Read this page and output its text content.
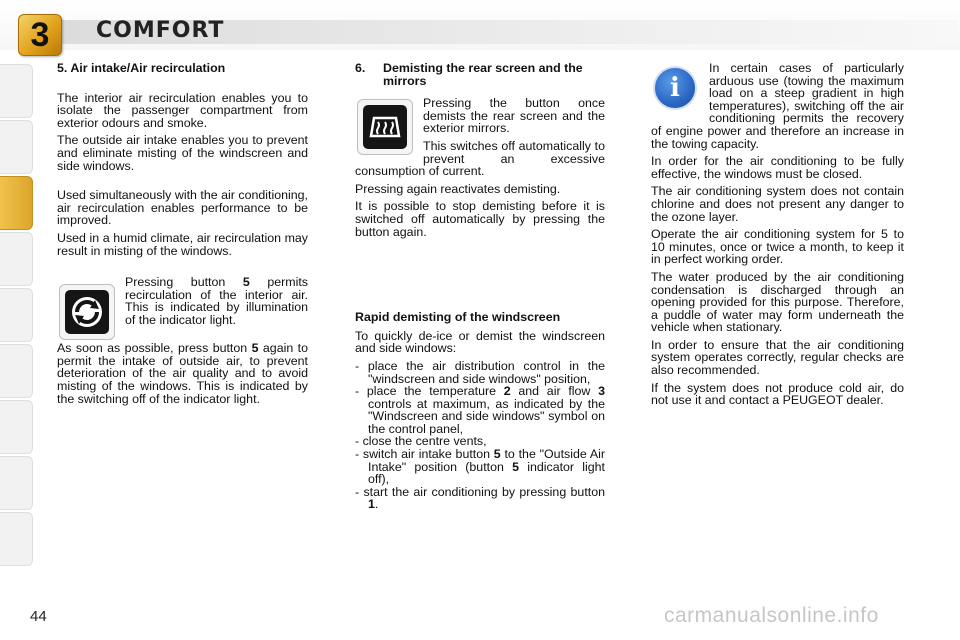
3	COMFORT

5. Air intake/Air recirculation

The interior air recirculation enables you to isolate the passenger compartment from exterior odours and smoke.

The outside air intake enables you to prevent and eliminate misting of the windscreen and side windows.

Used simultaneously with the air conditioning, air recirculation enables performance to be improved.

Used in a humid climate, air recirculation may result in misting of the windows.

Pressing button 5 permits recirculation of the interior air. This is indicated by illumination of the indicator light.

As soon as possible, press button 5 again to permit the intake of outside air, to prevent deterioration of the air quality and to avoid misting of the windows. This is indicated by the switching off of the indicator light.

6.	Demisting the rear screen and the mirrors

Pressing the button once demists the rear screen and the exterior mirrors.

This switches off automatically to prevent an excessive consumption of current.

Pressing again reactivates demisting.

It is possible to stop demisting before it is switched off automatically by pressing the button again.

Rapid demisting of the windscreen

To quickly de-ice or demist the windscreen and side windows:

- place the air distribution control in the "windscreen and side windows" position,
- place the temperature 2 and air flow 3 controls at maximum, as indicated by the "Windscreen and side windows" symbol on the control panel,
- close the centre vents,
- switch air intake button 5 to the "Outside Air Intake" position (button 5 indicator light off),
- start the air conditioning by pressing button 1.
i

In certain cases of particularly arduous use (towing the maximum load on a steep gradient in high temperatures), switching off the air conditioning permits the recovery of engine power and therefore an increase in the towing capacity.

In order for the air conditioning to be fully effective, the windows must be closed.

The air conditioning system does not contain chlorine and does not present any danger to the ozone layer.

Operate the air conditioning system for 5 to 10 minutes, once or twice a month, to keep it in perfect working order.

The water produced by the air conditioning condensation is discharged through an opening provided for this purpose. Therefore, a puddle of water may form underneath the vehicle when stationary.

In order to ensure that the air conditioning system operates correctly, regular checks are also recommended.

If the system does not produce cold air, do not use it and contact a PEUGEOT dealer.

44	carmanualsonline.info
